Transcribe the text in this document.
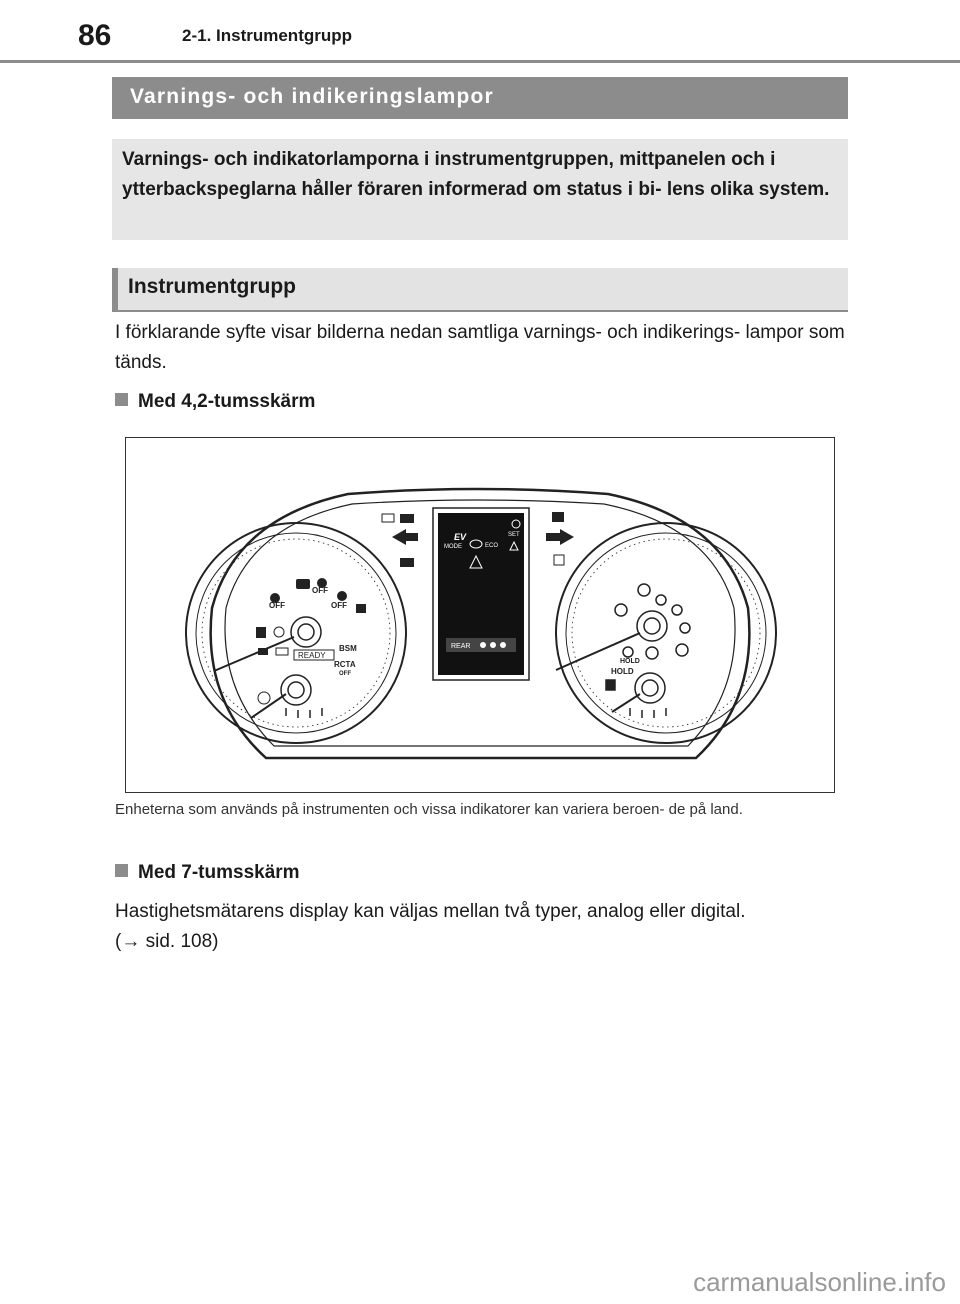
86	2-1. Instrumentgrupp
Varnings- och indikeringslampor

Varnings- och indikatorlamporna i instrumentgruppen, mittpanelen och i ytterbackspeglarna håller föraren informerad om status i bi- lens olika system.

Instrumentgrupp

I förklarande syfte visar bilderna nedan samtliga varnings- och indikerings- lampor som tänds.

Med 4,2-tumsskärm
OFF
OFF
OFF
BSM
RCTA
OFF
READY
HOLD
HOLD
EV
MODE	ECO
SET
REAR

Enheterna som används på instrumenten och vissa indikatorer kan variera beroen- de på land.

Med 7-tumsskärm

Hastighetsmätarens display kan väljas mellan två typer, analog eller digital.

(→ sid. 108)

carmanualsonline.info
